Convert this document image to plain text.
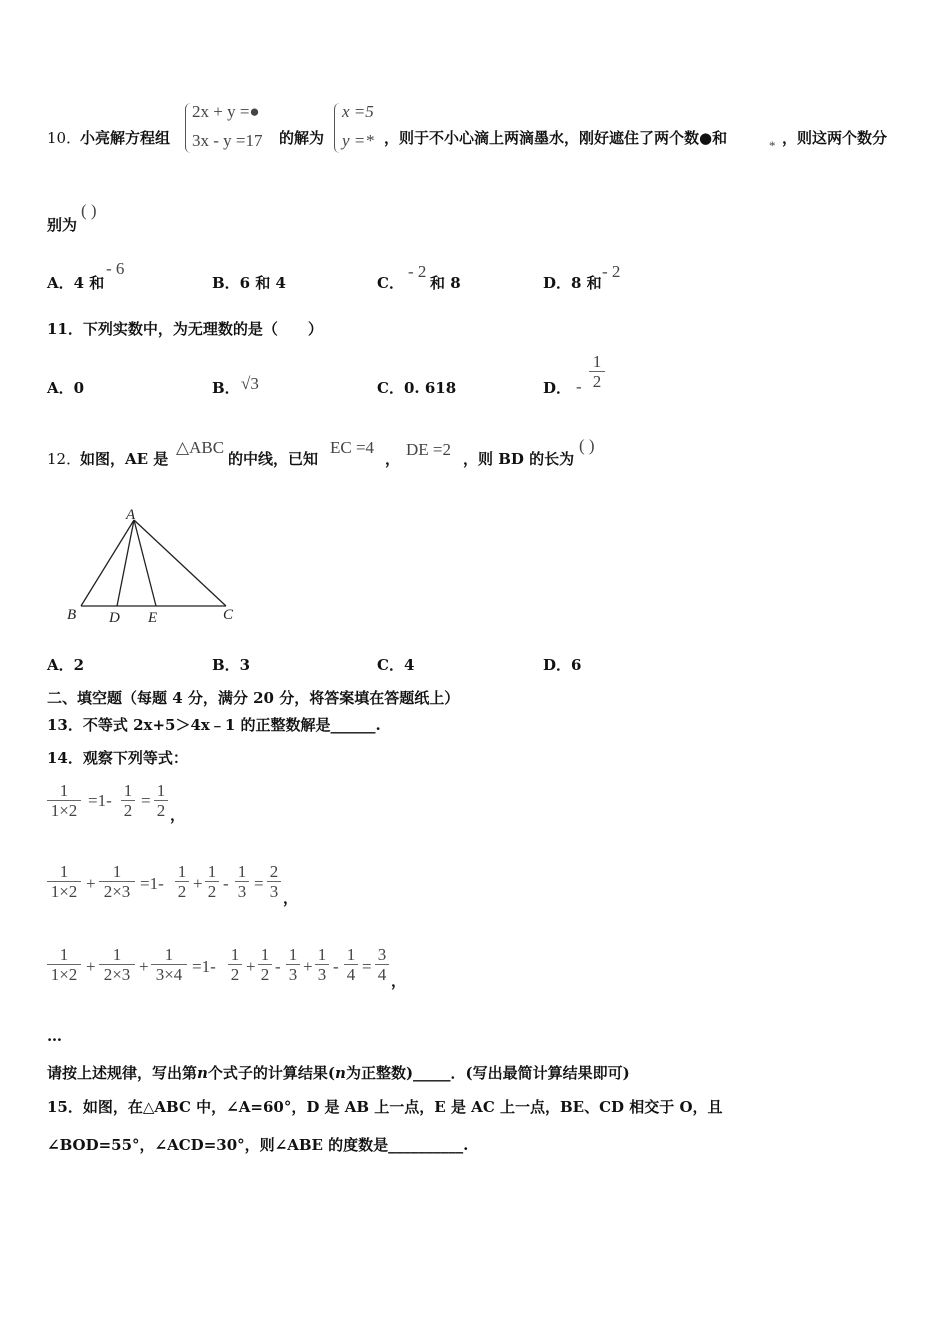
10．
小亮解方程组
2x + y =●
3x - y =17 的解为
x =5
y =* ，则于不小心滴上两滴墨水，刚好遮住了两个数●和	* ，则这两个数分
别为
( )
A．4 和
- 6
B．6 和 4	C．
- 2
和 8	D．8 和
- 2
11．下列实数中，为无理数的是（　　）
A．0	B． √3	C．0. 618	D． -
1
2
12．
如图，AE 是
△ABC
的中线，已知
EC =4
， DE =2 ，则 BD 的长为
( )
A
B D E	C
A．2	B．3	C．4	D．6
二、填空题（每题 4 分，满分 20 分，将答案填在答题纸上）
13．不等式 2x+5＞4x﹣1 的正整数解是______.
14．观察下列等式：
1
1×2
=1-
1
2
=
1
2 ，
1
1×2 +
1
2×3 =1-
1
2 +
1
2 -
1
3 =
2
3 ，
1
1×2 +
1
2×3 +
1
3×4 =1-
1
2 +
1
2 -
1
3 +
1
3 -
1
4 =
3
4 ，
…
请按上述规律，写出第n个式子的计算结果(n为正整数)_____．(写出最简计算结果即可)
15．如图，在△ABC 中，∠A=60°，D 是 AB 上一点，E 是 AC 上一点，BE、CD 相交于 O，且
∠BOD=55°，∠ACD=30°，则∠ABE 的度数是__________.
